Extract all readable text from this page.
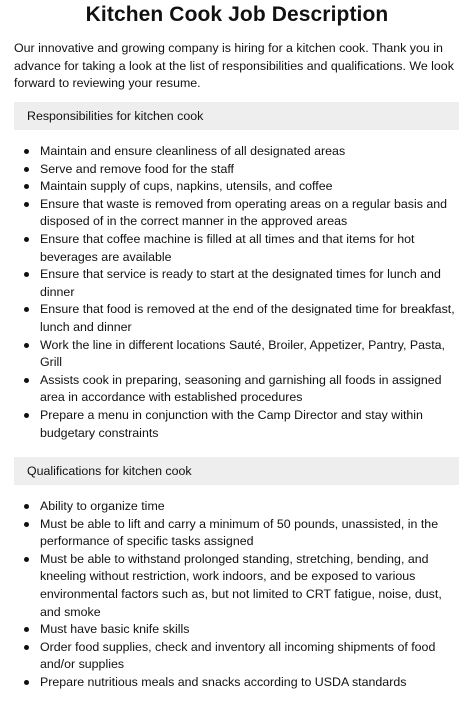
Kitchen Cook Job Description

Our innovative and growing company is hiring for a kitchen cook. Thank you in advance for taking a look at the list of responsibilities and qualifications. We look forward to reviewing your resume.

Responsibilities for kitchen cook
Maintain and ensure cleanliness of all designated areas
Serve and remove food for the staff
Maintain supply of cups, napkins, utensils, and coffee
Ensure that waste is removed from operating areas on a regular basis and disposed of in the correct manner in the approved areas
Ensure that coffee machine is filled at all times and that items for hot beverages are available
Ensure that service is ready to start at the designated times for lunch and dinner
Ensure that food is removed at the end of the designated time for breakfast, lunch and dinner
Work the line in different locations Sauté, Broiler, Appetizer, Pantry, Pasta, Grill
Assists cook in preparing, seasoning and garnishing all foods in assigned area in accordance with established procedures
Prepare a menu in conjunction with the Camp Director and stay within budgetary constraints
Qualifications for kitchen cook
Ability to organize time
Must be able to lift and carry a minimum of 50 pounds, unassisted, in the performance of specific tasks assigned
Must be able to withstand prolonged standing, stretching, bending, and kneeling without restriction, work indoors, and be exposed to various environmental factors such as, but not limited to CRT fatigue, noise, dust, and smoke
Must have basic knife skills
Order food supplies, check and inventory all incoming shipments of food and/or supplies
Prepare nutritious meals and snacks according to USDA standards
